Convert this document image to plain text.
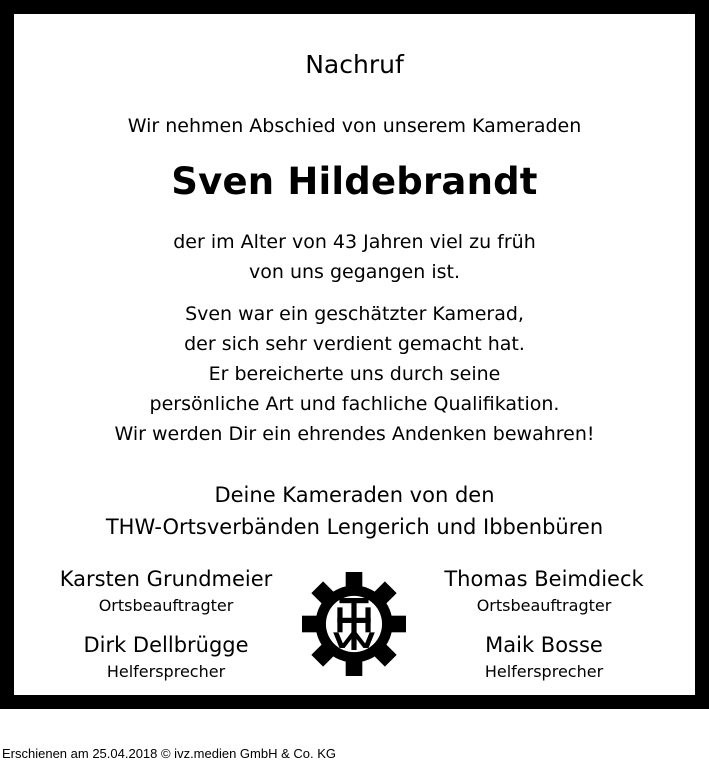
Nachruf
Wir nehmen Abschied von unserem Kameraden
Sven Hildebrandt
der im Alter von 43 Jahren viel zu früh
von uns gegangen ist.
Sven war ein geschätzter Kamerad,
der sich sehr verdient gemacht hat.
Er bereicherte uns durch seine
persönliche Art und fachliche Qualifikation.
Wir werden Dir ein ehrendes Andenken bewahren!
Deine Kameraden von den
THW-Ortsverbänden Lengerich und Ibbenbüren
Karsten Grundmeier
Ortsbeauftragter
Thomas Beimdieck
Ortsbeauftragter
Dirk Dellbrügge
Helfersprecher
Maik Bosse
Helfersprecher
Erschienen am 25.04.2018 © ivz.medien GmbH & Co. KG
